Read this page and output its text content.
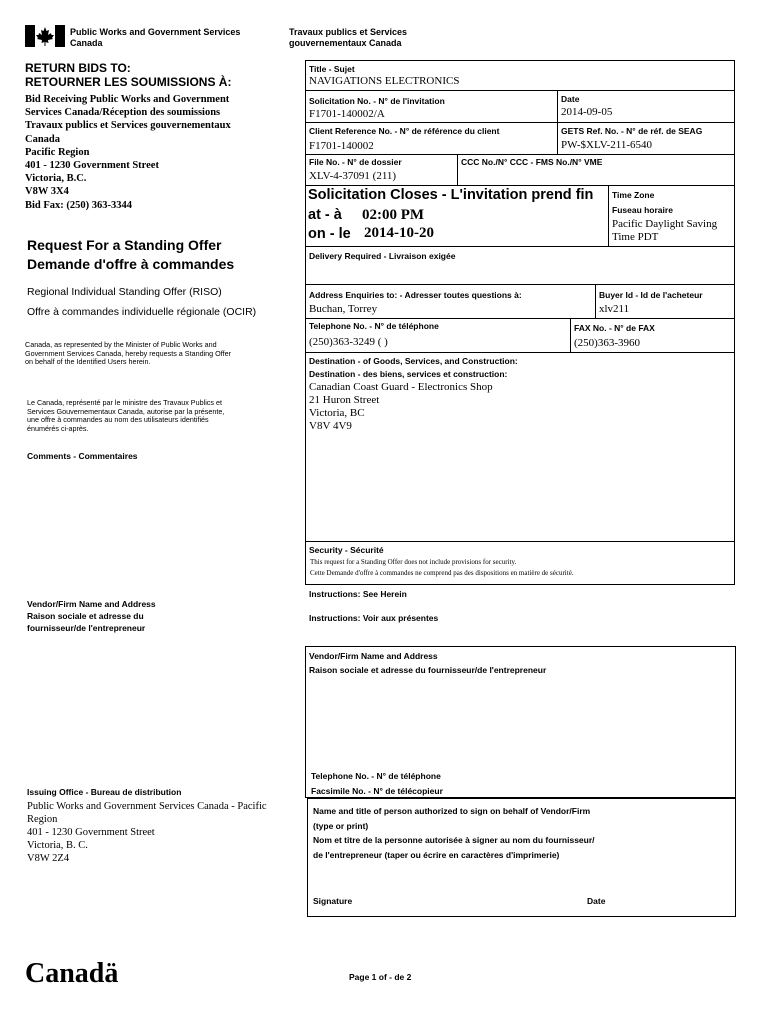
Public Works and Government Services
Canada
Travaux publics et Services
gouvernementaux Canada
RETURN BIDS TO:
RETOURNER LES SOUMISSIONS À:
Bid Receiving Public Works and Government
Services Canada/Réception des soumissions
Travaux publics et Services gouvernementaux
Canada
Pacific Region
401 - 1230 Government Street
Victoria, B.C.
V8W 3X4
Bid Fax: (250) 363-3344
Request For a Standing Offer
Demande d'offre à commandes
Regional Individual Standing Offer (RISO)
Offre à commandes individuelle régionale (OCIR)
Canada, as represented by the Minister of Public Works and
Government Services Canada, hereby requests a Standing Offer
on behalf of the Identified Users herein.
Le Canada, représenté par le ministre des Travaux Publics et
Services Gouvernementaux Canada, autorise par la présente,
une offre à commandes au nom des utilisateurs identifiés
énumérés ci-après.
Comments - Commentaires
Vendor/Firm Name and Address
Raison sociale et adresse du
fournisseur/de l'entrepreneur
Issuing Office - Bureau de distribution
Public Works and Government Services Canada - Pacific
Region
401 - 1230 Government Street
Victoria, B. C.
V8W 2Z4
Title - Sujet
NAVIGATIONS ELECTRONICS
Solicitation No. - N° de l'invitation
F1701-140002/A
Date
2014-09-05
Client Reference No. - N° de référence du client
F1701-140002
GETS Ref. No. - N° de réf. de SEAG
PW-$XLV-211-6540
File No. - N° de dossier
XLV-4-37091 (211)
CCC No./N° CCC - FMS No./N° VME
Solicitation Closes - L'invitation prend fin
at - à 02:00 PM
on - le 2014-10-20
Time Zone
Fuseau horaire
Pacific Daylight Saving
Time PDT
Delivery Required - Livraison exigée
Address Enquiries to: - Adresser toutes questions à:
Buchan, Torrey
Buyer Id - Id de l'acheteur
xlv211
Telephone No. - N° de téléphone
(250)363-3249 ( )
FAX No. - N° de FAX
(250)363-3960
Destination - of Goods, Services, and Construction:
Destination - des biens, services et construction:
Canadian Coast Guard - Electronics Shop
21 Huron Street
Victoria, BC
V8V 4V9
Security - Sécurité
This request for a Standing Offer does not include provisions for security.
Cette Demande d'offre à commandes ne comprend pas des dispositions en matière de sécurité.
Instructions: See Herein
Instructions: Voir aux présentes
Vendor/Firm Name and Address
Raison sociale et adresse du fournisseur/de l'entrepreneur
Telephone No. - N° de téléphone
Facsimile No. - N° de télécopieur
Name and title of person authorized to sign on behalf of Vendor/Firm
(type or print)
Nom et titre de la personne autorisée à signer au nom du fournisseur/
de l'entrepreneur (taper ou écrire en caractères d'imprimerie)
Signature	Date
Canadä	Page 1 of - de 2
